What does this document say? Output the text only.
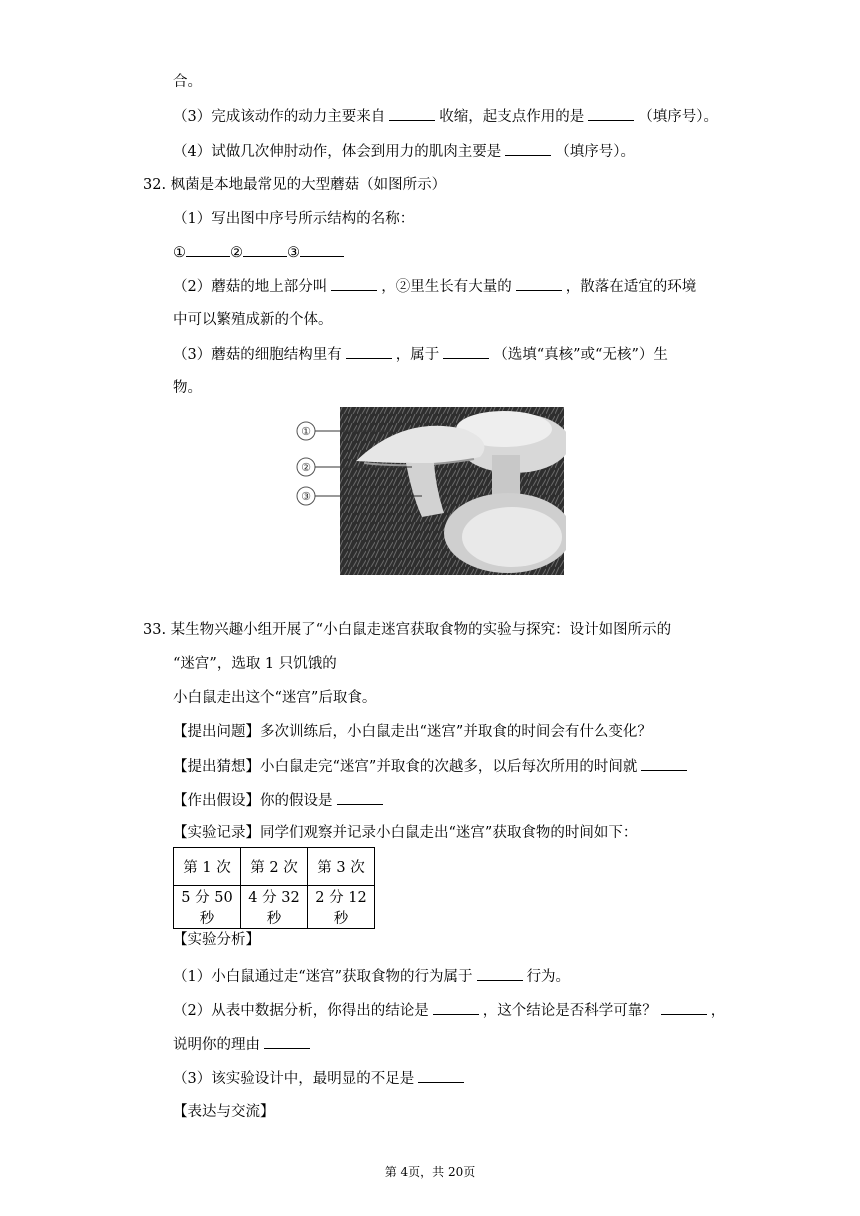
合。
（3）完成该动作的动力主要来自	收缩，起支点作用的是	（填序号）。
（4）试做几次伸肘动作，体会到用力的肌肉主要是	（填序号）。
32. 枫菌是本地最常见的大型蘑菇（如图所示）
（1）写出图中序号所示结构的名称：
①	②	③
（2）蘑菇的地上部分叫	，②里生长有大量的	，散落在适宜的环境
中可以繁殖成新的个体。
（3）蘑菇的细胞结构里有	，属于	（选填“真核”或“无核”）生
物。
①
②
③
33. 某生物兴趣小组开展了“小白鼠走迷宫获取食物的实验与探究：设计如图所示的
“迷宫”，选取 1 只饥饿的
小白鼠走出这个“迷宫”后取食。
【提出问题】多次训练后，小白鼠走出“迷宫”并取食的时间会有什么变化？
【提出猜想】小白鼠走完“迷宫”并取食的次越多，以后每次所用的时间就
【作出假设】你的假设是
【实验记录】同学们观察并记录小白鼠走出“迷宫”获取食物的时间如下：
第 1 次	第 2 次	第 3 次
5 分 50 秒	4 分 32 秒	2 分 12 秒
【实验分析】
（1）小白鼠通过走“迷宫”获取食物的行为属于	行为。
（2）从表中数据分析，你得出的结论是	，这个结论是否科学可靠？	，
说明你的理由
（3）该实验设计中，最明显的不足是
【表达与交流】
第 4页，共 20页
